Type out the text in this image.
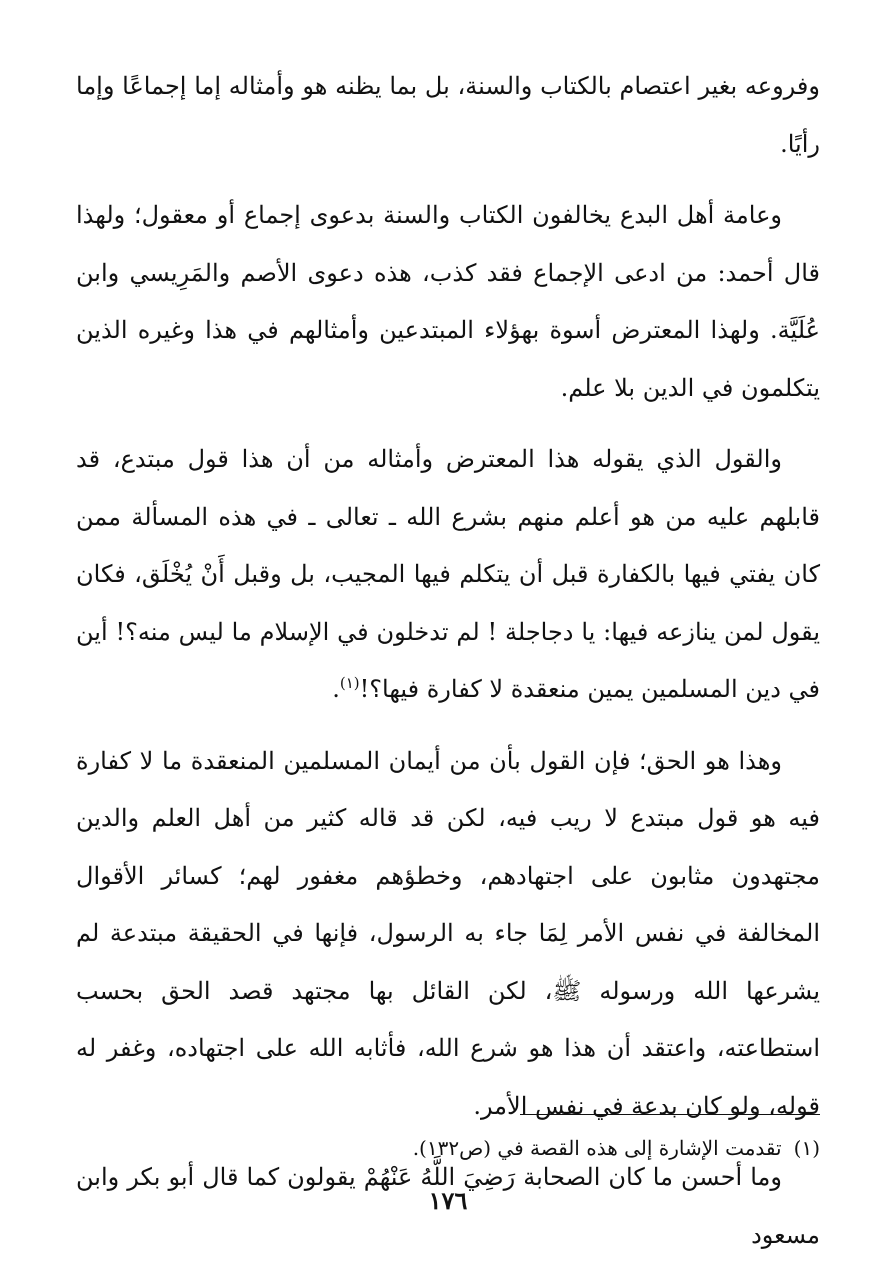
وفروعه بغير اعتصام بالكتاب والسنة، بل بما يظنه هو وأمثاله إما إجماعًا وإما رأيًا.

وعامة أهل البدع يخالفون الكتاب والسنة بدعوى إجماع أو معقول؛ ولهذا قال أحمد: من ادعى الإجماع فقد كذب، هذه دعوى الأصم والمَرِيسي وابن عُلَيَّة. ولهذا المعترض أسوة بهؤلاء المبتدعين وأمثالهم في هذا وغيره الذين يتكلمون في الدين بلا علم.

والقول الذي يقوله هذا المعترض وأمثاله من أن هذا قول مبتدع، قد قابلهم عليه من هو أعلم منهم بشرع الله ـ تعالى ـ في هذه المسألة ممن كان يفتي فيها بالكفارة قبل أن يتكلم فيها المجيب، بل وقبل أَنْ يُخْلَق، فكان يقول لمن ينازعه فيها: يا دجاجلة ! لم تدخلون في الإسلام ما ليس منه؟! أين في دين المسلمين يمين منعقدة لا كفارة فيها؟!$^{(١)}$.

وهذا هو الحق؛ فإن القول بأن من أيمان المسلمين المنعقدة ما لا كفارة فيه هو قول مبتدع لا ريب فيه، لكن قد قاله كثير من أهل العلم والدين مجتهدون مثابون على اجتهادهم، وخطؤهم مغفور لهم؛ كسائر الأقوال المخالفة في نفس الأمر لِمَا جاء به الرسول، فإنها في الحقيقة مبتدعة لم يشرعها الله ورسوله ﷺ، لكن القائل بها مجتهد قصد الحق بحسب استطاعته، واعتقد أن هذا هو شرع الله، فأثابه الله على اجتهاده، وغفر له قوله، ولو كان بدعة في نفس الأمر.

وما أحسن ما كان الصحابة رَضِيَ اللَّهُ عَنْهُمْ يقولون كما قال أبو بكر وابن مسعود

(١)تقدمت الإشارة إلى هذه القصة في (ص١٣٢).
١٧٦
